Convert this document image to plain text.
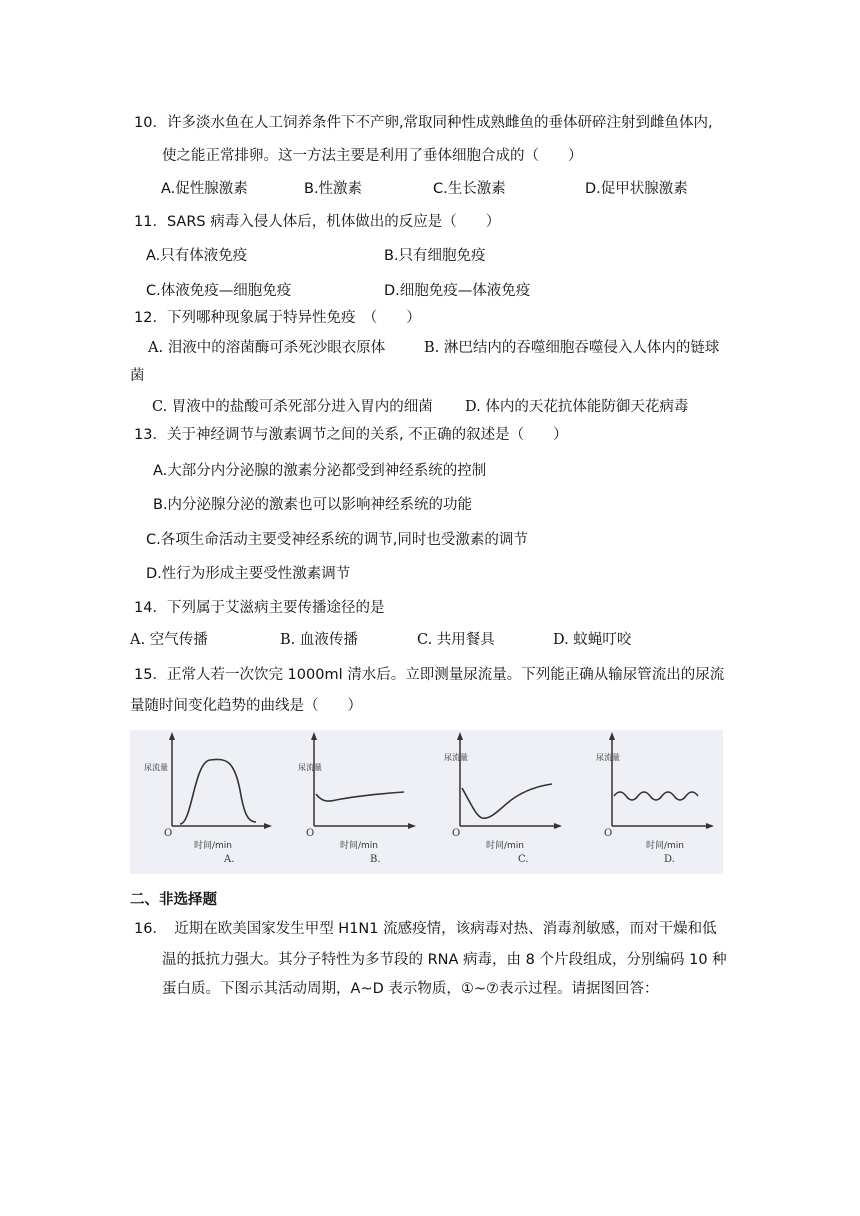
10．许多淡水鱼在人工饲养条件下不产卵,常取同种性成熟雌鱼的垂体研碎注射到雌鱼体内,
使之能正常排卵。这一方法主要是利用了垂体细胞合成的（　　）
A.促性腺激素	B.性激素	C.生长激素	D.促甲状腺激素
11．SARS 病毒入侵人体后，机体做出的反应是（　　）
A.只有体液免疫	B.只有细胞免疫
C.体液免疫—细胞免疫	D.细胞免疫—体液免疫
12．下列哪种现象属于特异性免疫　（　　）
A. 泪液中的溶菌酶可杀死沙眼衣原体	B. 淋巴结内的吞噬细胞吞噬侵入人体内的链球
菌
C. 胃液中的盐酸可杀死部分进入胃内的细菌 D. 体内的天花抗体能防御天花病毒
13．关于神经调节与激素调节之间的关系, 不正确的叙述是（　　）
A.大部分内分泌腺的激素分泌都受到神经系统的控制
B.内分泌腺分泌的激素也可以影响神经系统的功能
C.各项生命活动主要受神经系统的调节,同时也受激素的调节
D.性行为形成主要受性激素调节
14．下列属于艾滋病主要传播途径的是
A. 空气传播	B. 血液传播	C. 共用餐具	D. 蚊蝇叮咬
15．正常人若一次饮完 1000ml 清水后。立即测量尿流量。下列能正确从输尿管流出的尿流
量随时间变化趋势的曲线是（　　）
尿流量
O
时间/min
A.
尿流量
O
时间/min
B.
尿流量
O
时间/min
C.
尿流量
O
时间/min
D.
二、非选择题
16．　近期在欧美国家发生甲型 H1N1 流感疫情，该病毒对热、消毒剂敏感，而对干燥和低
温的抵抗力强大。其分子特性为多节段的 RNA 病毒，由 8 个片段组成，分别编码 10 种
蛋白质。下图示其活动周期，A~D 表示物质，①~⑦表示过程。请据图回答：
